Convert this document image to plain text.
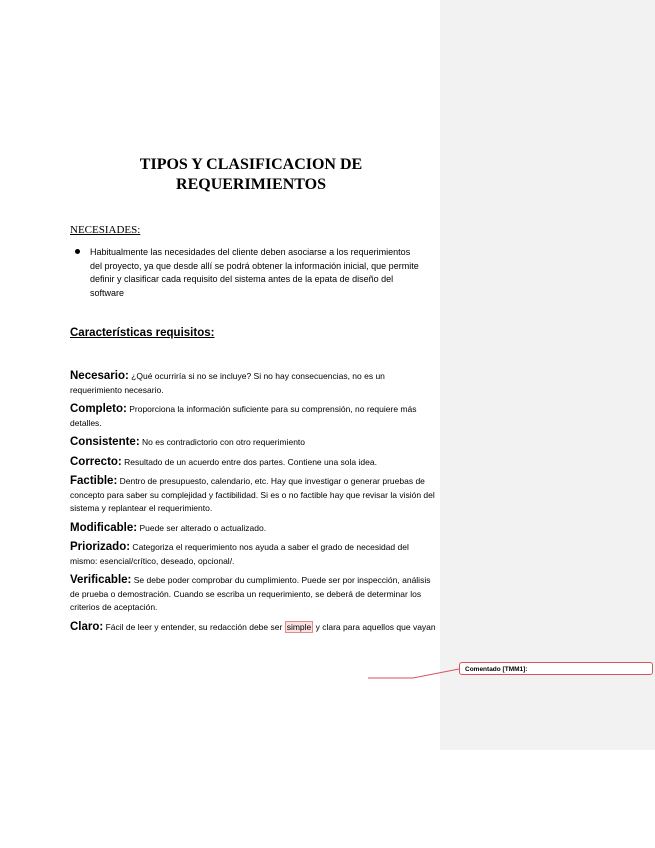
TIPOS Y CLASIFICACION DE REQUERIMIENTOS
NECESIADES:
Habitualmente las necesidades del cliente deben asociarse a los requerimientos del proyecto, ya que desde allí se podrá obtener la información inicial, que permite definir y clasificar cada requisito del sistema antes de la epata de diseño del software
Características requisitos:

Necesario: ¿Qué ocurriría si no se incluye? Si no hay consecuencias, no es un requerimiento necesario.

Completo: Proporciona la información suficiente para su comprensión, no requiere más detalles.

Consistente: No es contradictorio con otro requerimiento

Correcto: Resultado de un acuerdo entre dos partes. Contiene una sola idea.

Factible: Dentro de presupuesto, calendario, etc. Hay que investigar o generar pruebas de concepto para saber su complejidad y factibilidad. Si es o no factible hay que revisar la visión del sistema y replantear el requerimiento.

Modificable: Puede ser alterado o actualizado.

Priorizado: Categoriza el requerimiento nos ayuda a saber el grado de necesidad del mismo: esencial/crítico, deseado, opcional/.

Verificable: Se debe poder comprobar du cumplimiento. Puede ser por inspección, análisis de prueba o demostración. Cuando se escriba un requerimiento, se deberá de determinar los criterios de aceptación.

Claro: Fácil de leer y entender, su redacción debe ser simple y clara para aquellos que vayan

Comentado [TMM1]:
